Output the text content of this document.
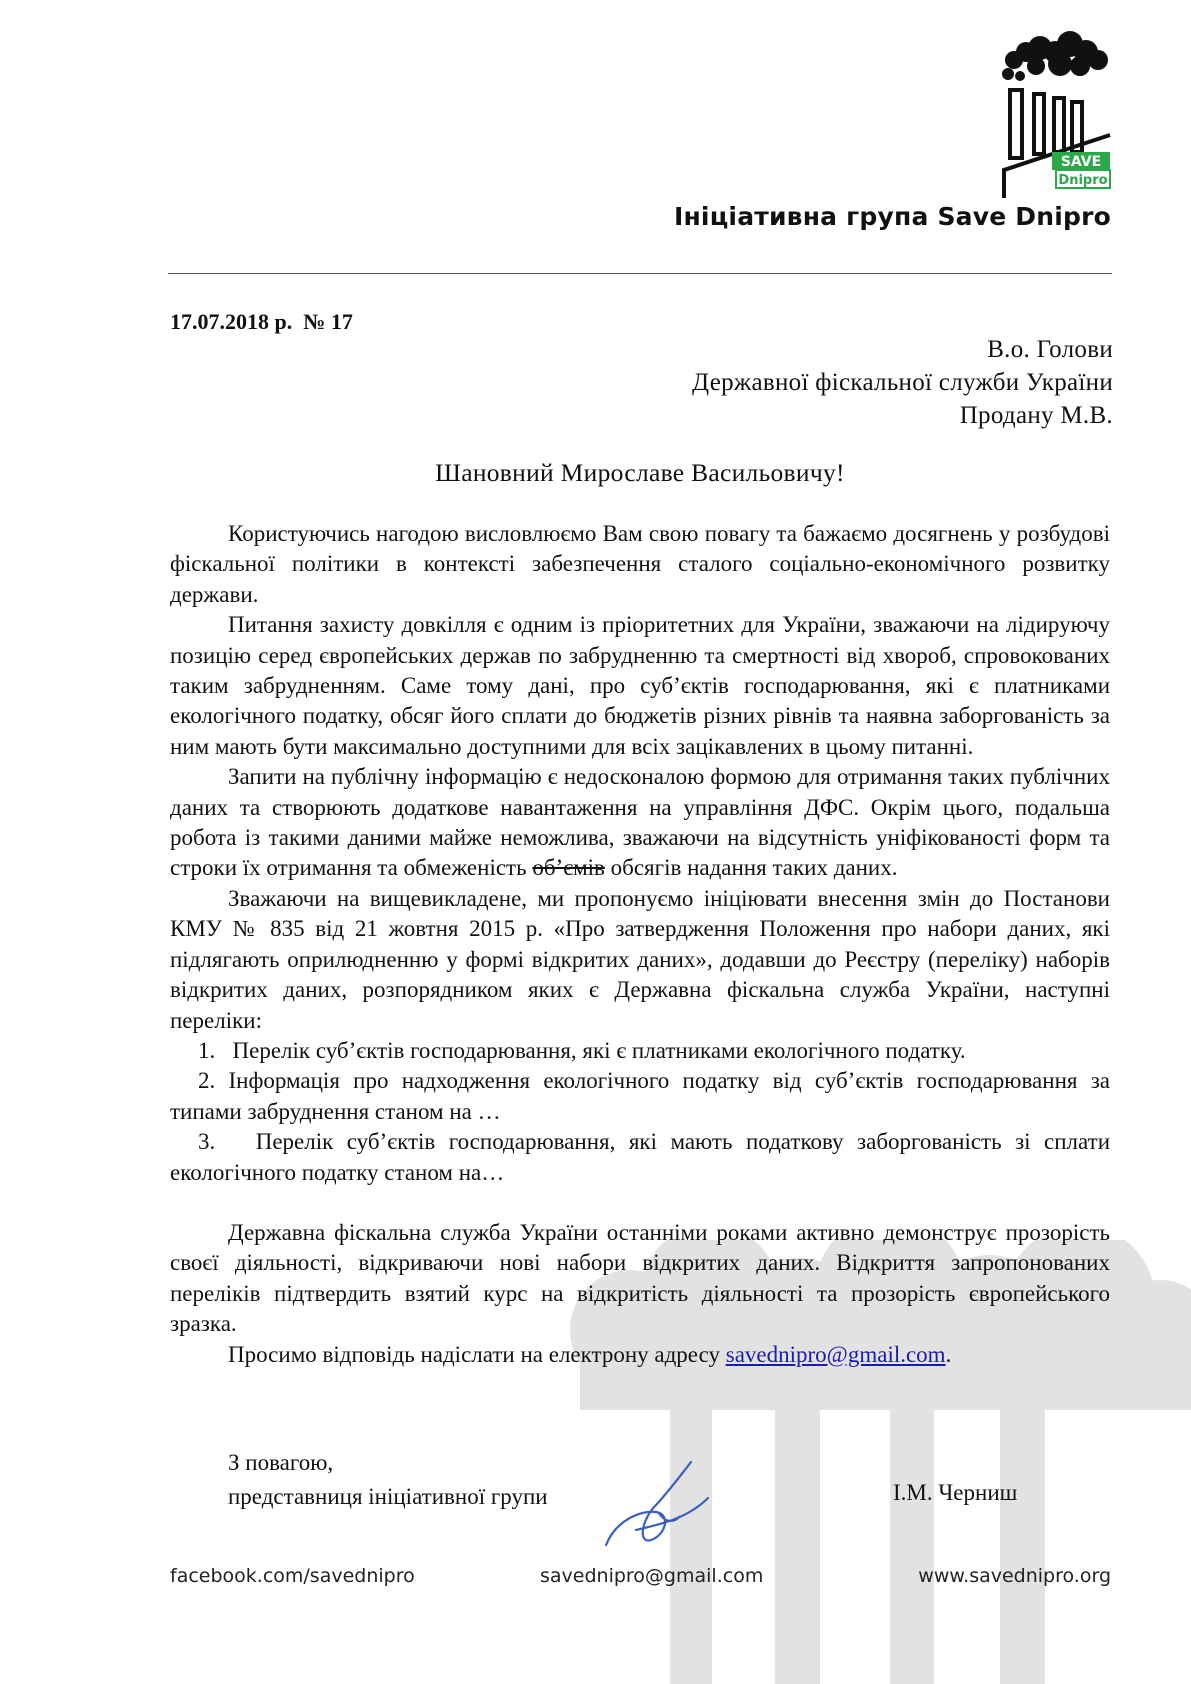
SAVE
Dnipro
Ініціативна група Save Dnipro
17.07.2018 р.  № 17
В.о. Голови
Державної фіскальної служби України
Продану М.В.
Шановний Мирославе Васильовичу!

Користуючись нагодою висловлюємо Вам свою повагу та бажаємо досягнень у розбудові фіскальної політики в контексті забезпечення сталого соціально-економічного розвитку держави.

Питання захисту довкілля є одним із пріоритетних для України, зважаючи на лідируючу позицію серед європейських держав по забрудненню та смертності від хвороб, спровокованих таким забрудненням. Саме тому дані, про суб’єктів господарювання, які є платниками екологічного податку, обсяг його сплати до бюджетів різних рівнів та наявна заборгованість за ним мають бути максимально доступними для всіх зацікавлених в цьому питанні.

Запити на публічну інформацію є недосконалою формою для отримання таких публічних даних та створюють додаткове навантаження на управління ДФС. Окрім цього, подальша робота із такими даними майже неможлива, зважаючи на відсутність уніфікованості форм та строки їх отримання та обмеженість об’ємів обсягів надання таких даних.

Зважаючи на вищевикладене, ми пропонуємо ініціювати внесення змін до Постанови КМУ № 835 від 21 жовтня 2015 р. «Про затвердження Положення про набори даних, які підлягають оприлюдненню у формі відкритих даних», додавши до Реєстру (переліку) наборів відкритих даних, розпорядником яких є Державна фіскальна служба України, наступні переліки:

1. Перелік суб’єктів господарювання, які є платниками екологічного податку.
2. Інформація про надходження екологічного податку від суб’єктів господарювання за типами забруднення станом на …
3. Перелік суб’єктів господарювання, які мають податкову заборгованість зі сплати екологічного податку станом на…

Державна фіскальна служба України останніми роками активно демонструє прозорість своєї діяльності, відкриваючи нові набори відкритих даних. Відкриття запропонованих переліків підтвердить взятий курс на відкритість діяльності та прозорість європейського зразка.

Просимо відповідь надіслати на електрону адресу savednipro@gmail.com.

З повагою,
представниця ініціативної групи	І.М. Черниш
facebook.com/savednipro	savednipro@gmail.com	www.savednipro.org
